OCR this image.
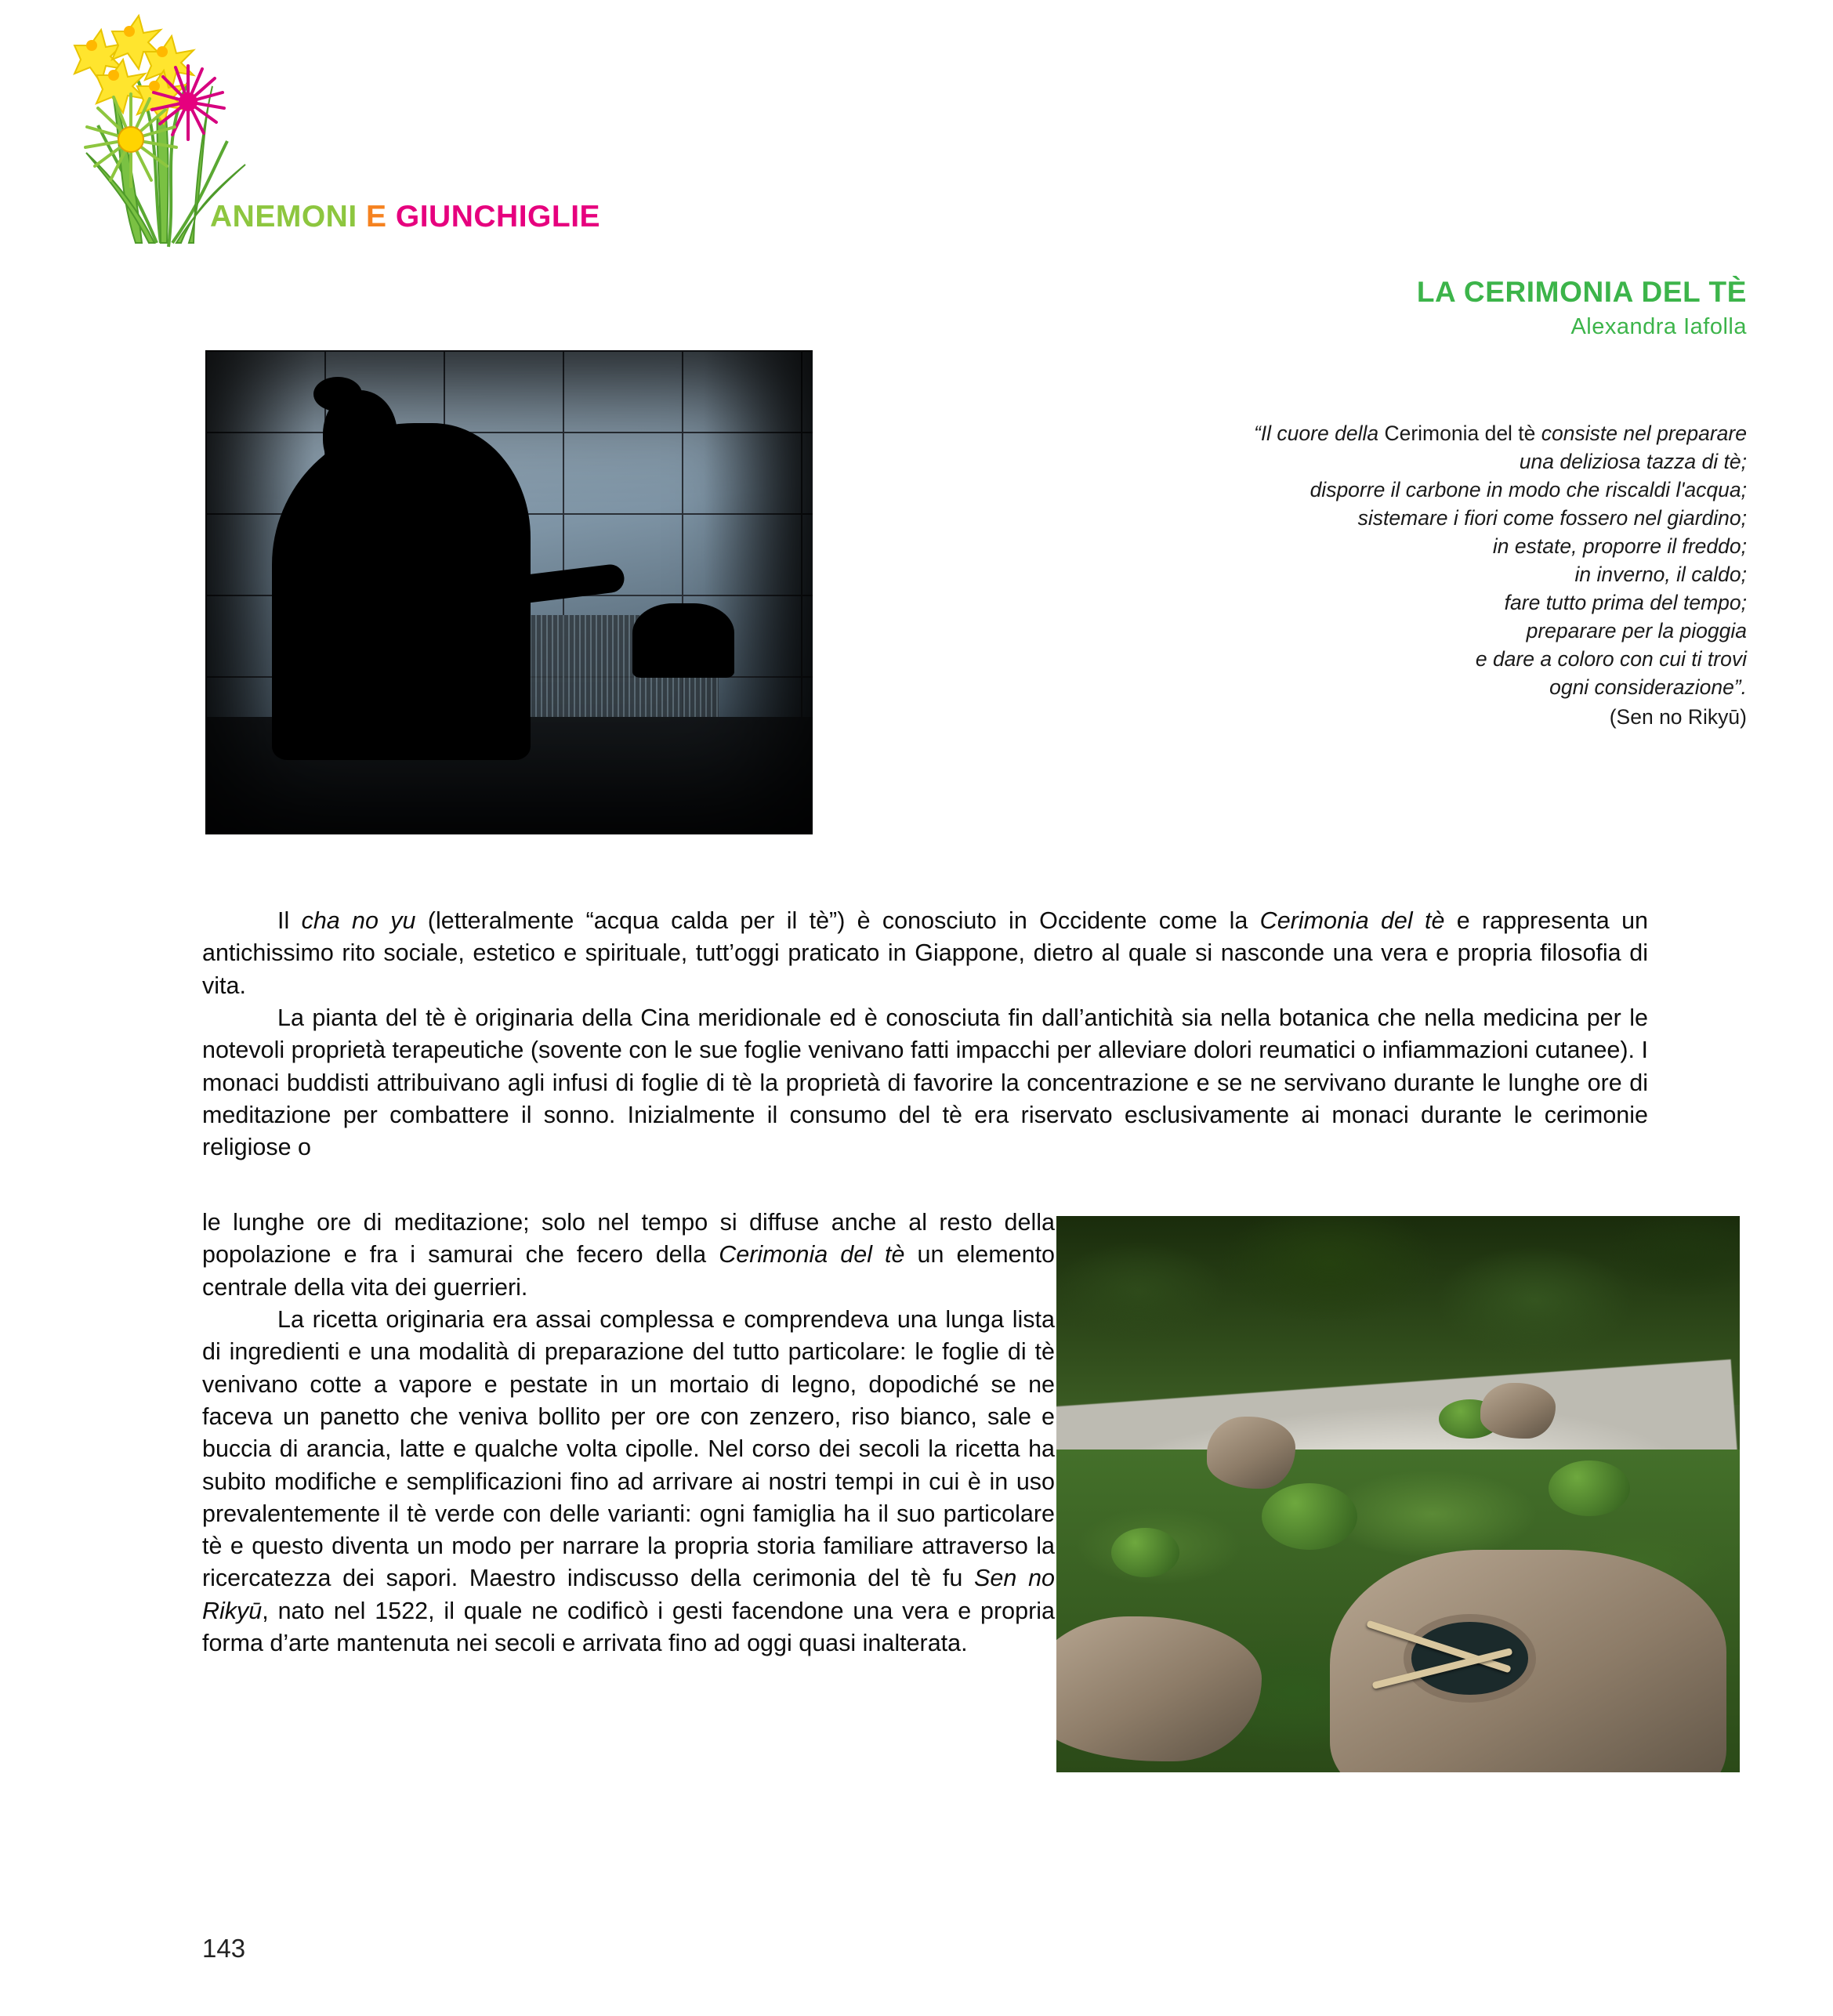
ANEMONI E GIUNCHIGLIE
LA CERIMONIA DEL TÈ
Alexandra Iafolla
“Il cuore della Cerimonia del tè consiste nel preparare
una deliziosa tazza di tè;
disporre il carbone in modo che riscaldi l'acqua;
sistemare i fiori come fossero nel giardino;
in estate, proporre il freddo;
in inverno, il caldo;
fare tutto prima del tempo;
preparare per la pioggia
e dare a coloro con cui ti trovi
ogni considerazione”.
(Sen no Rikyū)

Il cha no yu (letteralmente “acqua calda per il tè”) è conosciuto in Occidente come la Cerimonia del tè e rappresenta un antichissimo rito sociale, estetico e spirituale, tutt’oggi praticato in Giappone, dietro al quale si nasconde una vera e propria filosofia di vita.

La pianta del tè è originaria della Cina meridionale ed è conosciuta fin dall’antichità sia nella botanica che nella medicina per le notevoli proprietà terapeutiche (sovente con le sue foglie venivano fatti impacchi per alleviare dolori reumatici o infiammazioni cutanee). I monaci buddisti attribuivano agli infusi di foglie di tè la proprietà di favorire la concentrazione e se ne servivano durante le lunghe ore di meditazione per combattere il sonno. Inizialmente il consumo del tè era riservato esclusivamente ai monaci durante le cerimonie religiose o

le lunghe ore di meditazione; solo nel tempo si diffuse anche al resto della popolazione e fra i samurai che fecero della Cerimonia del tè un elemento centrale della vita dei guerrieri.

La ricetta originaria era assai complessa e comprendeva una lunga lista di ingredienti e una modalità di preparazione del tutto particolare: le foglie di tè venivano cotte a vapore e pestate in un mortaio di legno, dopodiché se ne faceva un panetto che veniva bollito per ore con zenzero, riso bianco, sale e buccia di arancia, latte e qualche volta cipolle. Nel corso dei secoli la ricetta ha subito modifiche e semplificazioni fino ad arrivare ai nostri tempi in cui è in uso prevalentemente il tè verde con delle varianti: ogni famiglia ha il suo particolare tè e questo diventa un modo per narrare la propria storia familiare attraverso la ricercatezza dei sapori. Maestro indiscusso della cerimonia del tè fu Sen no Rikyū, nato nel 1522, il quale ne codificò i gesti facendone una vera e propria forma d’arte mantenuta nei secoli e arrivata fino ad oggi quasi inalterata.

143
